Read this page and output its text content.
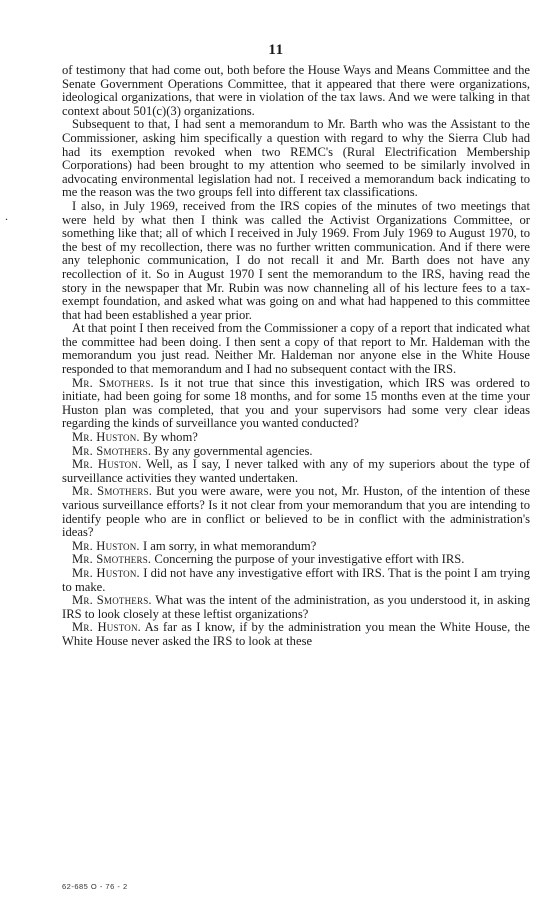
11
.

of testimony that had come out, both before the House Ways and Means Committee and the Senate Government Operations Committee, that it appeared that there were organizations, ideological organizations, that were in violation of the tax laws. And we were talking in that context about 501(c)(3) organizations.

Subsequent to that, I had sent a memorandum to Mr. Barth who was the Assistant to the Commissioner, asking him specifically a question with regard to why the Sierra Club had had its exemption revoked when two REMC's (Rural Electrification Membership Corporations) had been brought to my attention who seemed to be similarly involved in advocating environmental legislation had not. I received a memorandum back indicating to me the reason was the two groups fell into different tax classifications.

I also, in July 1969, received from the IRS copies of the minutes of two meetings that were held by what then I think was called the Activist Organizations Committee, or something like that; all of which I received in July 1969. From July 1969 to August 1970, to the best of my recollection, there was no further written communication. And if there were any telephonic communication, I do not recall it and Mr. Barth does not have any recollection of it. So in August 1970 I sent the memorandum to the IRS, having read the story in the newspaper that Mr. Rubin was now channeling all of his lecture fees to a tax-exempt foundation, and asked what was going on and what had happened to this committee that had been established a year prior.

At that point I then received from the Commissioner a copy of a report that indicated what the committee had been doing. I then sent a copy of that report to Mr. Haldeman with the memorandum you just read. Neither Mr. Haldeman nor anyone else in the White House responded to that memorandum and I had no subsequent contact with the IRS.

Mr. Smothers. Is it not true that since this investigation, which IRS was ordered to initiate, had been going for some 18 months, and for some 15 months even at the time your Huston plan was completed, that you and your supervisors had some very clear ideas regarding the kinds of surveillance you wanted conducted?

Mr. Huston. By whom?

Mr. Smothers. By any governmental agencies.

Mr. Huston. Well, as I say, I never talked with any of my superiors about the type of surveillance activities they wanted undertaken.

Mr. Smothers. But you were aware, were you not, Mr. Huston, of the intention of these various surveillance efforts? Is it not clear from your memorandum that you are intending to identify people who are in conflict or believed to be in conflict with the administration's ideas?

Mr. Huston. I am sorry, in what memorandum?

Mr. Smothers. Concerning the purpose of your investigative effort with IRS.

Mr. Huston. I did not have any investigative effort with IRS. That is the point I am trying to make.

Mr. Smothers. What was the intent of the administration, as you understood it, in asking IRS to look closely at these leftist organizations?

Mr. Huston. As far as I know, if by the administration you mean the White House, the White House never asked the IRS to look at these

62-685 O - 76 - 2
